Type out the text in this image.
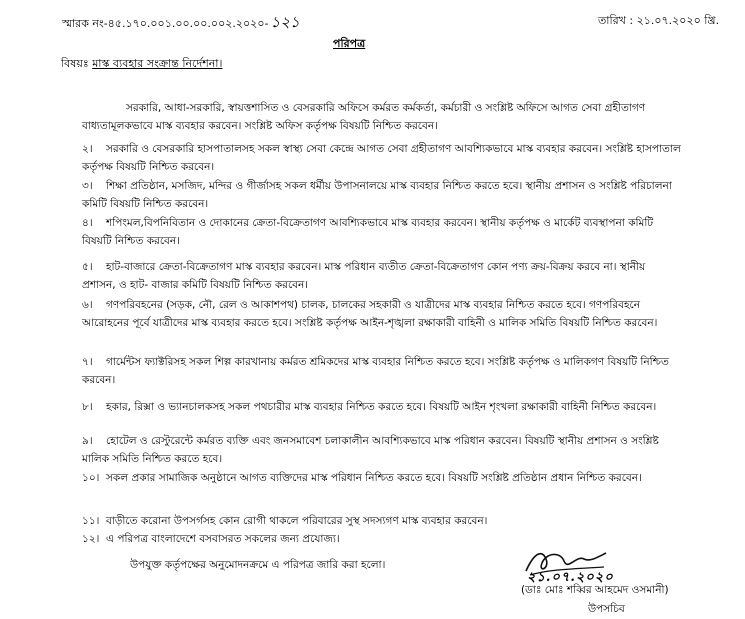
স্মারক নং-৪৫.১৭০.০০১.০০.০০.০০২.২০২০- ১২১	তারিখ : ২১.০৭.২০২০ খ্রি.
পরিপত্র
বিষয়ঃ মাস্ক ব্যবহার সংক্রান্ত নির্দেশনা।
সরকারি, আধা-সরকারি, স্বায়ত্তশাসিত ও বেসরকারি অফিসে কর্মরত কর্মকর্তা, কর্মচারী ও সংশ্লিষ্ট অফিসে আগত সেবা গ্রহীতাগণ বাধ্যতামূলকভাবে মাস্ক ব্যবহার করবেন। সংশ্লিষ্ট অফিস কর্তৃপক্ষ বিষয়টি নিশ্চিত করবেন।
২। সরকারি ও বেসরকারি হাসপাতালসহ সকল স্বাস্থ্য সেবা কেন্দ্রে আগত সেবা গ্রহীতাগণ আবশ্যিকভাবে মাস্ক ব্যবহার করবেন। সংশ্লিষ্ট হাসপাতাল কর্তৃপক্ষ বিষয়টি নিশ্চিত করবেন।
৩। শিক্ষা প্রতিষ্ঠান, মসজিদ, মন্দির ও গীর্জাসহ সকল ধর্মীয় উপাসনালয়ে মাস্ক ব্যবহার নিশ্চিত করতে হবে। স্থানীয় প্রশাসন ও সংশ্লিষ্ট পরিচালনা কমিটি বিষয়টি নিশ্চিত করবেন।
৪। শপিংমল,বিপনিবিতান ও দোকানের ক্রেতা-বিক্রেতাগণ আবশ্যিকভাবে মাস্ক ব্যবহার করবেন। স্থানীয় কর্তৃপক্ষ ও মার্কেট ব্যবস্থাপনা কমিটি বিষয়টি নিশ্চিত করবেন।
৫। হাট-বাজারে ক্রেতা-বিক্রেতাগণ মাস্ক ব্যবহার করবেন। মাস্ক পরিধান ব্যতীত ক্রেতা-বিক্রেতাগণ কোন পণ্য ক্রয়-বিক্রয় করবে না। স্থানীয় প্রশাসন, ও হাট- বাজার কমিটি বিষয়টি নিশ্চিত করবেন।
৬। গণপরিবহনের (সড়ক, নৌ, রেল ও আকাশপথ) চালক, চালকের সহকারী ও যাত্রীদের মাস্ক ব্যবহার নিশ্চিত করতে হবে। গণপরিবহনে আরোহনের পূর্বে যাত্রীদের মাস্ক ব্যবহার করতে হবে। সংশ্লিষ্ট কর্তৃপক্ষ আইন-শৃঙ্খলা রক্ষাকারী বাহিনী ও মালিক সমিতি বিষয়টি নিশ্চিত করবেন।
৭। গার্মেন্টস ফ্যাক্টরিসহ সকল শিল্প কারখানায় কর্মরত শ্রমিকদের মাস্ক ব্যবহার নিশ্চিত করতে হবে। সংশ্লিষ্ট কর্তৃপক্ষ ও মালিকগণ বিষয়টি নিশ্চিত করবেন।
৮। হকার, রিক্সা ও ভ্যানচালকসহ সকল পথচারীর মাস্ক ব্যবহার নিশ্চিত করতে হবে। বিষয়টি আইন শৃংখলা রক্ষাকারী বাহিনী নিশ্চিত করবেন।
৯। হোটেল ও রেস্টুরেন্টে কর্মরত ব্যক্তি এবং জনসমাবেশ চলাকালীন আবশ্যিকভাবে মাস্ক পরিধান করবেন। বিষয়টি স্থানীয় প্রশাসন ও সংশ্লিষ্ট মালিক সমিতি নিশ্চিত করতে হবে।
১০। সকল প্রকার সামাজিক অনুষ্ঠানে আগত ব্যক্তিদের মাস্ক পরিধান নিশ্চিত করতে হবে। বিষয়টি সংশ্লিষ্ট প্রতিষ্ঠান প্রধান নিশ্চিত করবেন।
১১। বাড়ীতে করোনা উপসর্গসহ কোন রোগী থাকলে পরিবারের সুস্থ সদস্যগণ মাস্ক ব্যবহার করবেন।
১২। এ পরিপত্র বাংলাদেশে বসবাসরত সকলের জন্য প্রযোজ্য।
উপযুক্ত কর্তৃপক্ষের অনুমোদনক্রমে এ পরিপত্র জারি করা হলো।
২১.০৭.২০২০
(ডাঃ মোঃ শব্বির আহমেদ ওসমানী)
উপসচিব
